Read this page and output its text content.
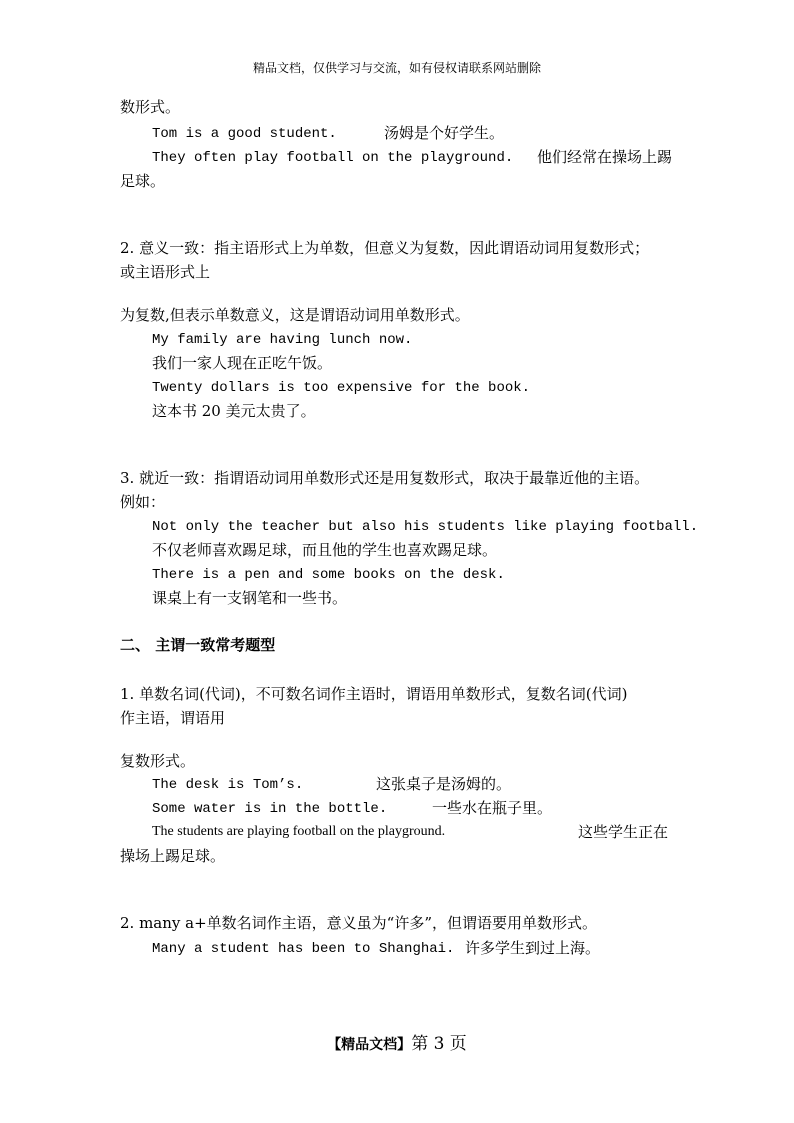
精品文档，仅供学习与交流，如有侵权请联系网站删除
数形式。
Tom is a good student.	汤姆是个好学生。
They often play football on the playground. 他们经常在操场上踢
足球。
2. 意义一致：指主语形式上为单数，但意义为复数，因此谓语动词用复数形式；
或主语形式上
为复数,但表示单数意义，这是谓语动词用单数形式。
My family are having lunch now.
我们一家人现在正吃午饭。
Twenty dollars is too expensive for the book.
这本书 20 美元太贵了。
3. 就近一致：指谓语动词用单数形式还是用复数形式，取决于最靠近他的主语。
例如：
Not only the teacher but also his students like playing football.
不仅老师喜欢踢足球，而且他的学生也喜欢踢足球。
There is a pen and some books on the desk.
课桌上有一支钢笔和一些书。
二、 主谓一致常考题型
1. 单数名词(代词)，不可数名词作主语时，谓语用单数形式，复数名词(代词)
作主语，谓语用
复数形式。
The desk is Tom’s.	这张桌子是汤姆的。
Some water is in the bottle.	一些水在瓶子里。
The students are playing football on the playground.	这些学生正在
操场上踢足球。
2. many a+单数名词作主语，意义虽为“许多”，但谓语要用单数形式。
Many a student has been to Shanghai. 许多学生到过上海。
【精品文档】第 3 页
